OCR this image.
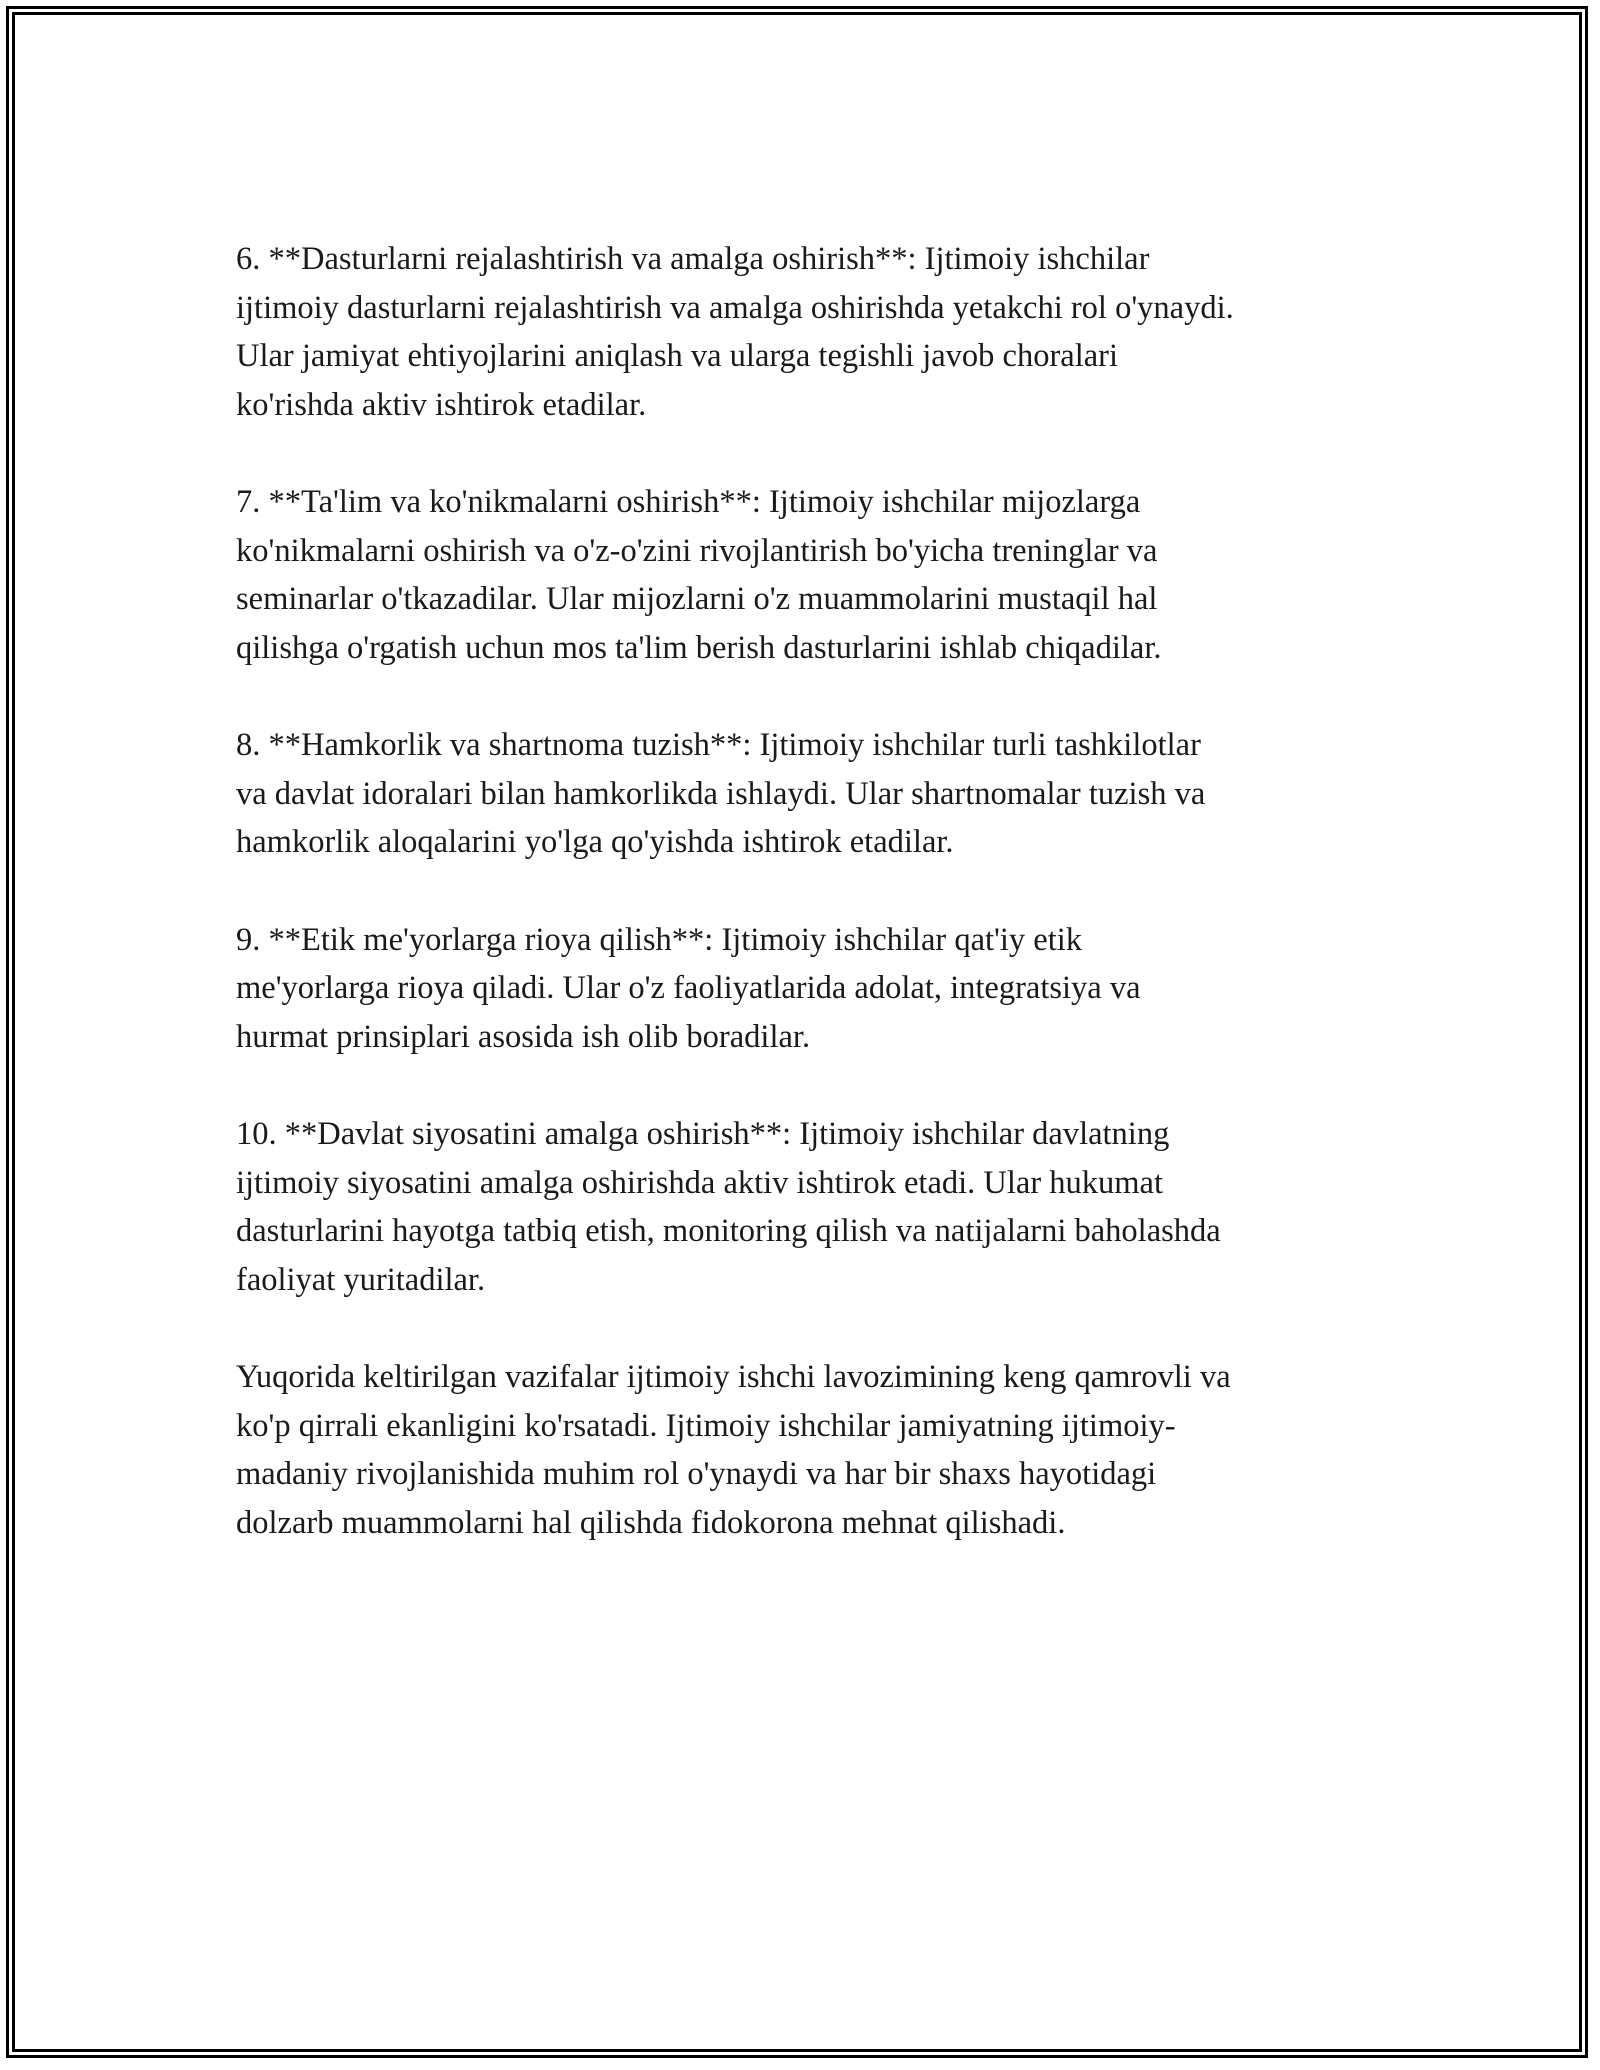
6. **Dasturlarni rejalashtirish va amalga oshirish**: Ijtimoiy ishchilar
ijtimoiy dasturlarni rejalashtirish va amalga oshirishda yetakchi rol o'ynaydi.
Ular jamiyat ehtiyojlarini aniqlash va ularga tegishli javob choralari
ko'rishda aktiv ishtirok etadilar.

7. **Ta'lim va ko'nikmalarni oshirish**: Ijtimoiy ishchilar mijozlarga
ko'nikmalarni oshirish va o'z-o'zini rivojlantirish bo'yicha treninglar va
seminarlar o'tkazadilar. Ular mijozlarni o'z muammolarini mustaqil hal
qilishga o'rgatish uchun mos ta'lim berish dasturlarini ishlab chiqadilar.

8. **Hamkorlik va shartnoma tuzish**: Ijtimoiy ishchilar turli tashkilotlar
va davlat idoralari bilan hamkorlikda ishlaydi. Ular shartnomalar tuzish va
hamkorlik aloqalarini yo'lga qo'yishda ishtirok etadilar.

9. **Etik me'yorlarga rioya qilish**: Ijtimoiy ishchilar qat'iy etik
me'yorlarga rioya qiladi. Ular o'z faoliyatlarida adolat, integratsiya va
hurmat prinsiplari asosida ish olib boradilar.

10. **Davlat siyosatini amalga oshirish**: Ijtimoiy ishchilar davlatning
ijtimoiy siyosatini amalga oshirishda aktiv ishtirok etadi. Ular hukumat
dasturlarini hayotga tatbiq etish, monitoring qilish va natijalarni baholashda
faoliyat yuritadilar.

Yuqorida keltirilgan vazifalar ijtimoiy ishchi lavozimining keng qamrovli va
ko'p qirrali ekanligini ko'rsatadi. Ijtimoiy ishchilar jamiyatning ijtimoiy-
madaniy rivojlanishida muhim rol o'ynaydi va har bir shaxs hayotidagi
dolzarb muammolarni hal qilishda fidokorona mehnat qilishadi.
